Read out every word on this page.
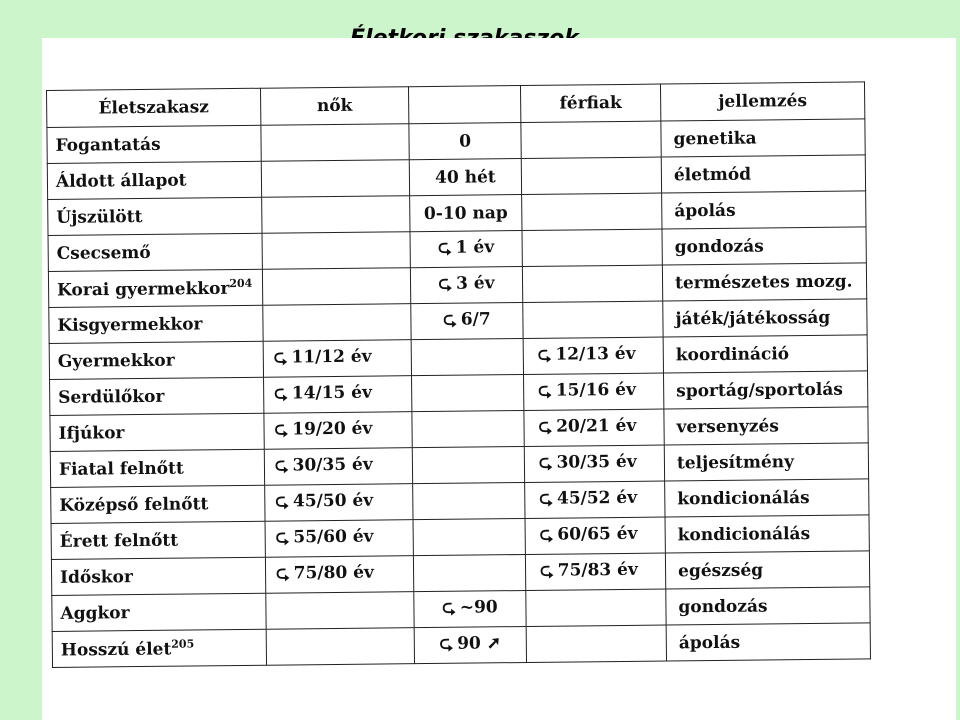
Életszakasz	nők		férfiak	jellemzés
Fogantatás		0		genetika
Áldott állapot		40 hét		életmód
Újszülött		0-10 nap		ápolás
Csecsemő		⮎ 1 év		gondozás
Korai gyermekkor$^{204}$		⮎ 3 év		természetes mozg.
Kisgyermekkor		⮎ 6/7		játék/játékosság
Gyermekkor	⮎ 11/12 év		⮎ 12/13 év	koordináció
Serdülőkor	⮎ 14/15 év		⮎ 15/16 év	sportág/sportolás
Ifjúkor	⮎ 19/20 év		⮎ 20/21 év	versenyzés
Fiatal felnőtt	⮎ 30/35 év		⮎ 30/35 év	teljesítmény
Középső felnőtt	⮎ 45/50 év		⮎ 45/52 év	kondicionálás
Érett felnőtt	⮎ 55/60 év		⮎ 60/65 év	kondicionálás
Időskor	⮎ 75/80 év		⮎ 75/83 év	egészség
Aggkor		⮎ ~90		gondozás
Hosszú élet$^{205}$		⮎ 90 ➚		ápolás
